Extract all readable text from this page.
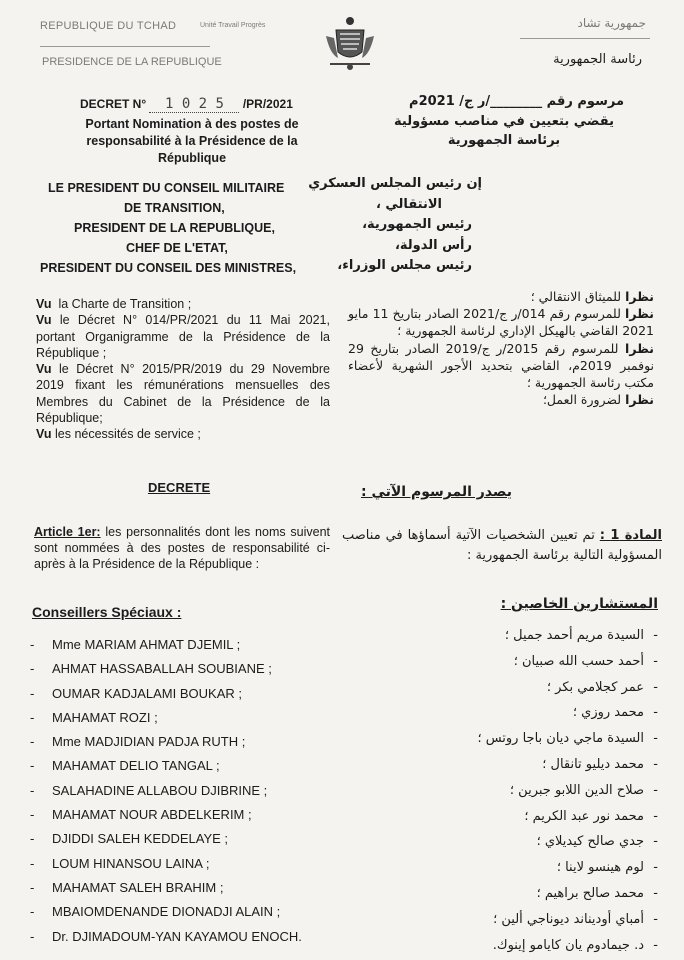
REPUBLIQUE DU TCHAD	Unité Travail Progrès
PRESIDENCE DE LA REPUBLIQUE
جمهورية تشاد
رئاسة الجمهورية
DECRET N° 1 0 2 5 /PR/2021
Portant Nomination à des postes de responsabilité à la Présidence de la République
مرسوم رقم ________/ر ج/ 2021م
يقضي بتعيين في مناصب مسؤولية برئاسة الجمهورية
LE PRESIDENT DU CONSEIL MILITAIRE
DE TRANSITION,
PRESIDENT DE LA REPUBLIQUE,
CHEF DE L'ETAT,
PRESIDENT DU CONSEIL DES MINISTRES,
إن رئيس المجلس العسكري
الانتقالي ،
رئيس الجمهورية،
رأس الدولة،
رئيس مجلس الوزراء،
Vu la Charte de Transition ;
Vu le Décret N° 014/PR/2021 du 11 Mai 2021, portant Organigramme de la Présidence de la République ;
Vu le Décret N° 2015/PR/2019 du 29 Novembre 2019 fixant les rémunérations mensuelles des Membres du Cabinet de la Présidence de la République;
Vu les nécessités de service ;
نظرا للميثاق الانتقالي ؛
نظرا للمرسوم رقم 014/ر ج/2021 الصادر بتاريخ 11 مايو 2021 القاضي بالهيكل الإداري لرئاسة الجمهورية ؛
نظرا للمرسوم رقم 2015/ر ج/2019 الصادر بتاريخ 29 نوفمبر 2019م، القاضي بتحديد الأجور الشهرية لأعضاء مكتب رئاسة الجمهورية ؛
نظرا لضرورة العمل؛
DECRETE	يصدر المرسوم الآتي :
Article 1er: les personnalités dont les noms suivent sont nommées à des postes de responsabilité ci-après à la Présidence de la République :
المادة 1 : تم تعيين الشخصيات الآتية أسماؤها في مناصب المسؤولية التالية برئاسة الجمهورية :
Conseillers Spéciaux :	المستشارين الخاصين :
- Mme MARIAM AHMAT DJEMIL ;
- AHMAT HASSABALLAH SOUBIANE ;
- OUMAR KADJALAMI BOUKAR ;
- MAHAMAT ROZI ;
- Mme MADJIDIAN PADJA RUTH ;
- MAHAMAT DELIO TANGAL ;
- SALAHADINE ALLABOU DJIBRINE ;
- MAHAMAT NOUR ABDELKERIM ;
- DJIDDI SALEH KEDDELAYE ;
- LOUM HINANSOU LAINA ;
- MAHAMAT SALEH BRAHIM ;
- MBAIOMDENANDE DIONADJI ALAIN ;
- Dr. DJIMADOUM-YAN KAYAMOU ENOCH.
-السيدة مريم أحمد جميل ؛
-أحمد حسب الله صبيان ؛
-عمر كجلامي بكر ؛
-محمد روزي ؛
-السيدة ماجي ديان باجا روتس ؛
-محمد ديليو تانقال ؛
-صلاح الدين اللابو جبرين ؛
-محمد نور عبد الكريم ؛
-جدي صالح كيديلاي ؛
-لوم هينسو لاينا ؛
-محمد صالح براهيم ؛
-أمباي أوديناند ديوناجي ألين ؛
-د. جيمادوم يان كايامو إينوك.
